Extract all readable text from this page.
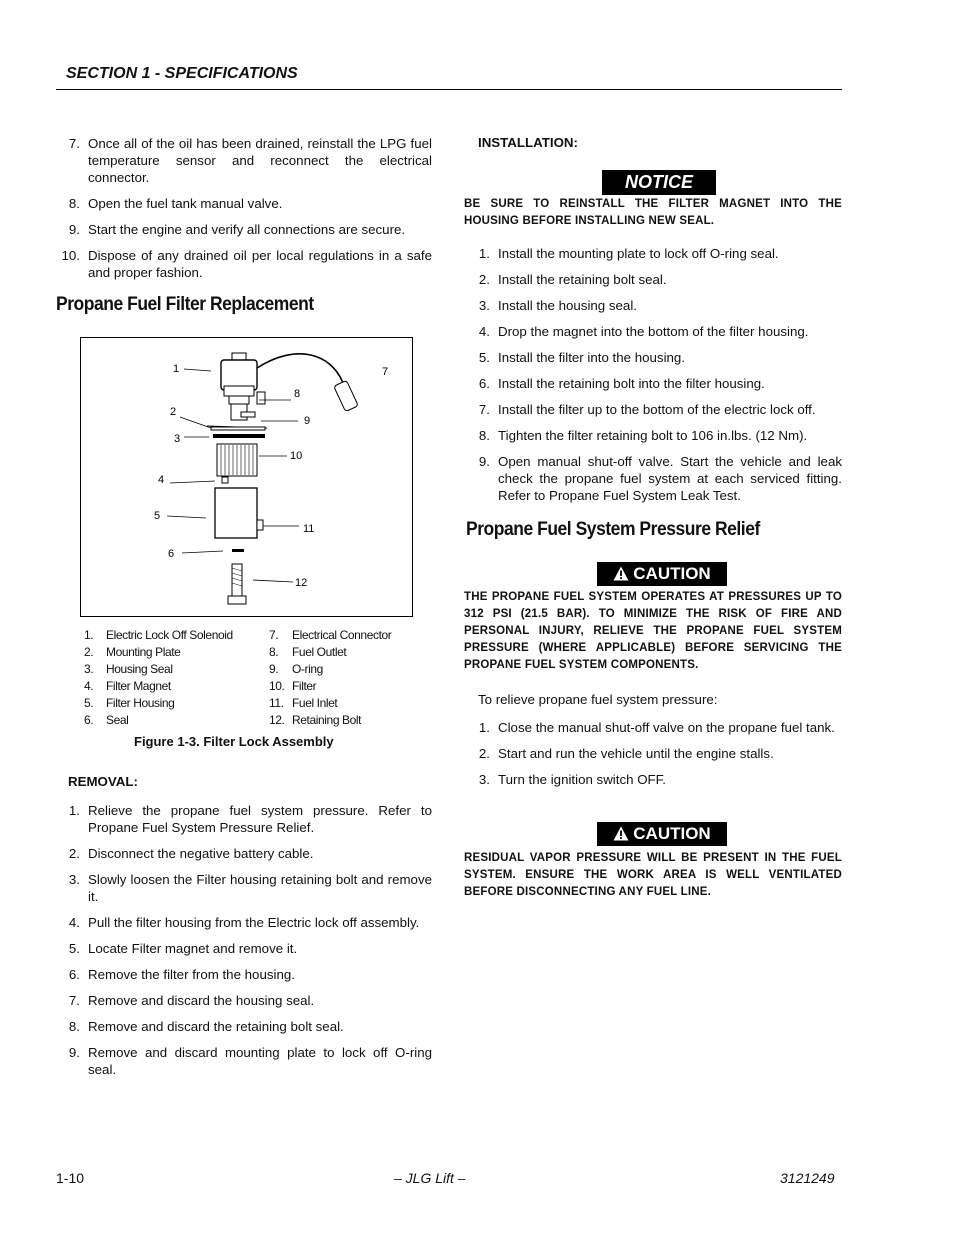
SECTION 1 - SPECIFICATIONS
7. Once all of the oil has been drained, reinstall the LPG fuel temperature sensor and reconnect the electrical connector.
8. Open the fuel tank manual valve.
9. Start the engine and verify all connections are secure.
10. Dispose of any drained oil per local regulations in a safe and proper fashion.
Propane Fuel Filter Replacement
1
2
3
4
5
6
7
8
9
10
11
12
1. Electric Lock Off Solenoid
2. Mounting Plate
3. Housing Seal
4. Filter Magnet
5. Filter Housing
6. Seal
7. Electrical Connector
8. Fuel Outlet
9. O-ring
10. Filter
11. Fuel Inlet
12. Retaining Bolt
Figure 1-3. Filter Lock Assembly
REMOVAL:
1. Relieve the propane fuel system pressure. Refer to Propane Fuel System Pressure Relief.
2. Disconnect the negative battery cable.
3. Slowly loosen the Filter housing retaining bolt and remove it.
4. Pull the filter housing from the Electric lock off assembly.
5. Locate Filter magnet and remove it.
6. Remove the filter from the housing.
7. Remove and discard the housing seal.
8. Remove and discard the retaining bolt seal.
9. Remove and discard mounting plate to lock off O-ring seal.
INSTALLATION:
NOTICE
BE SURE TO REINSTALL THE FILTER MAGNET INTO THE HOUSING BEFORE INSTALLING NEW SEAL.
1. Install the mounting plate to lock off O-ring seal.
2. Install the retaining bolt seal.
3. Install the housing seal.
4. Drop the magnet into the bottom of the filter housing.
5. Install the filter into the housing.
6. Install the retaining bolt into the filter housing.
7. Install the filter up to the bottom of the electric lock off.
8. Tighten the filter retaining bolt to 106 in.lbs. (12 Nm).
9. Open manual shut-off valve. Start the vehicle and leak check the propane fuel system at each serviced fitting. Refer to Propane Fuel System Leak Test.
Propane Fuel System Pressure Relief
CAUTION
THE PROPANE FUEL SYSTEM OPERATES AT PRESSURES UP TO 312 PSI (21.5 BAR). TO MINIMIZE THE RISK OF FIRE AND PERSONAL INJURY, RELIEVE THE PROPANE FUEL SYSTEM PRESSURE (WHERE APPLICABLE) BEFORE SERVICING THE PROPANE FUEL SYSTEM COMPONENTS.
To relieve propane fuel system pressure:
1. Close the manual shut-off valve on the propane fuel tank.
2. Start and run the vehicle until the engine stalls.
3. Turn the ignition switch OFF.
CAUTION
RESIDUAL VAPOR PRESSURE WILL BE PRESENT IN THE FUEL SYSTEM. ENSURE THE WORK AREA IS WELL VENTILATED BEFORE DISCONNECTING ANY FUEL LINE.
1-10	– JLG Lift –	3121249
